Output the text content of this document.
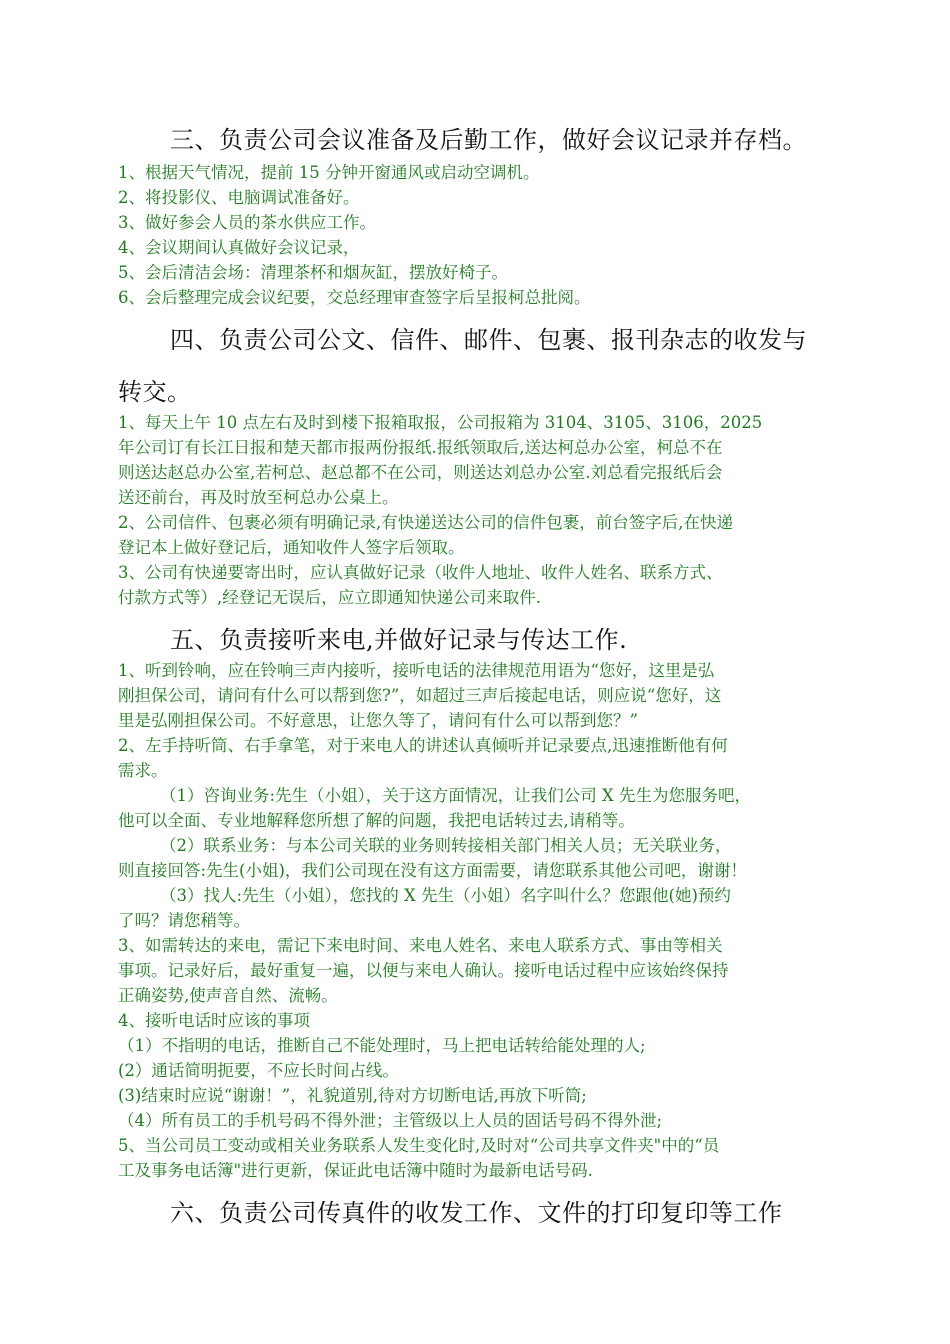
三、负责公司会议准备及后勤工作，做好会议记录并存档。
1、根据天气情况，提前 15 分钟开窗通风或启动空调机。
2、将投影仪、电脑调试准备好。
3、做好参会人员的茶水供应工作。
4、会议期间认真做好会议记录，
5、会后清洁会场：清理茶杯和烟灰缸，摆放好椅子。
6、会后整理完成会议纪要，交总经理审查签字后呈报柯总批阅。
四、负责公司公文、信件、邮件、包裹、报刊杂志的收发与
转交。
1、每天上午 10 点左右及时到楼下报箱取报，公司报箱为 3104、3105、3106，2025
年公司订有长江日报和楚天都市报两份报纸.报纸领取后,送达柯总办公室，柯总不在
则送达赵总办公室,若柯总、赵总都不在公司，则送达刘总办公室.刘总看完报纸后会
送还前台，再及时放至柯总办公桌上。
2、公司信件、包裹必须有明确记录,有快递送达公司的信件包裹，前台签字后,在快递
登记本上做好登记后，通知收件人签字后领取。
3、公司有快递要寄出时，应认真做好记录（收件人地址、收件人姓名、联系方式、
付款方式等）,经登记无误后，应立即通知快递公司来取件.
五、负责接听来电,并做好记录与传达工作.
1、听到铃响，应在铃响三声内接听，接听电话的法律规范用语为“您好，这里是弘
刚担保公司，请问有什么可以帮到您?”，如超过三声后接起电话，则应说“您好，这
里是弘刚担保公司。不好意思，让您久等了，请问有什么可以帮到您？”
2、左手持听筒、右手拿笔，对于来电人的讲述认真倾听并记录要点,迅速推断他有何
需求。
（1）咨询业务:先生（小姐），关于这方面情况，让我们公司 X 先生为您服务吧，
他可以全面、专业地解释您所想了解的问题，我把电话转过去,请稍等。
（2）联系业务：与本公司关联的业务则转接相关部门相关人员；无关联业务，
则直接回答:先生(小姐)，我们公司现在没有这方面需要，请您联系其他公司吧，谢谢！
（3）找人:先生（小姐），您找的 X 先生（小姐）名字叫什么？您跟他(她)预约
了吗？请您稍等。
3、如需转达的来电，需记下来电时间、来电人姓名、来电人联系方式、事由等相关
事项。记录好后，最好重复一遍，以便与来电人确认。接听电话过程中应该始终保持
正确姿势,使声音自然、流畅。
4、接听电话时应该的事项
（1）不指明的电话，推断自己不能处理时，马上把电话转给能处理的人;
(2）通话简明扼要，不应长时间占线。
(3)结束时应说“谢谢！”，礼貌道别,待对方切断电话,再放下听筒;
（4）所有员工的手机号码不得外泄；主管级以上人员的固话号码不得外泄;
5、当公司员工变动或相关业务联系人发生变化时,及时对“公司共享文件夹"中的“员
工及事务电话簿"进行更新，保证此电话簿中随时为最新电话号码.
六、负责公司传真件的收发工作、文件的打印复印等工作
